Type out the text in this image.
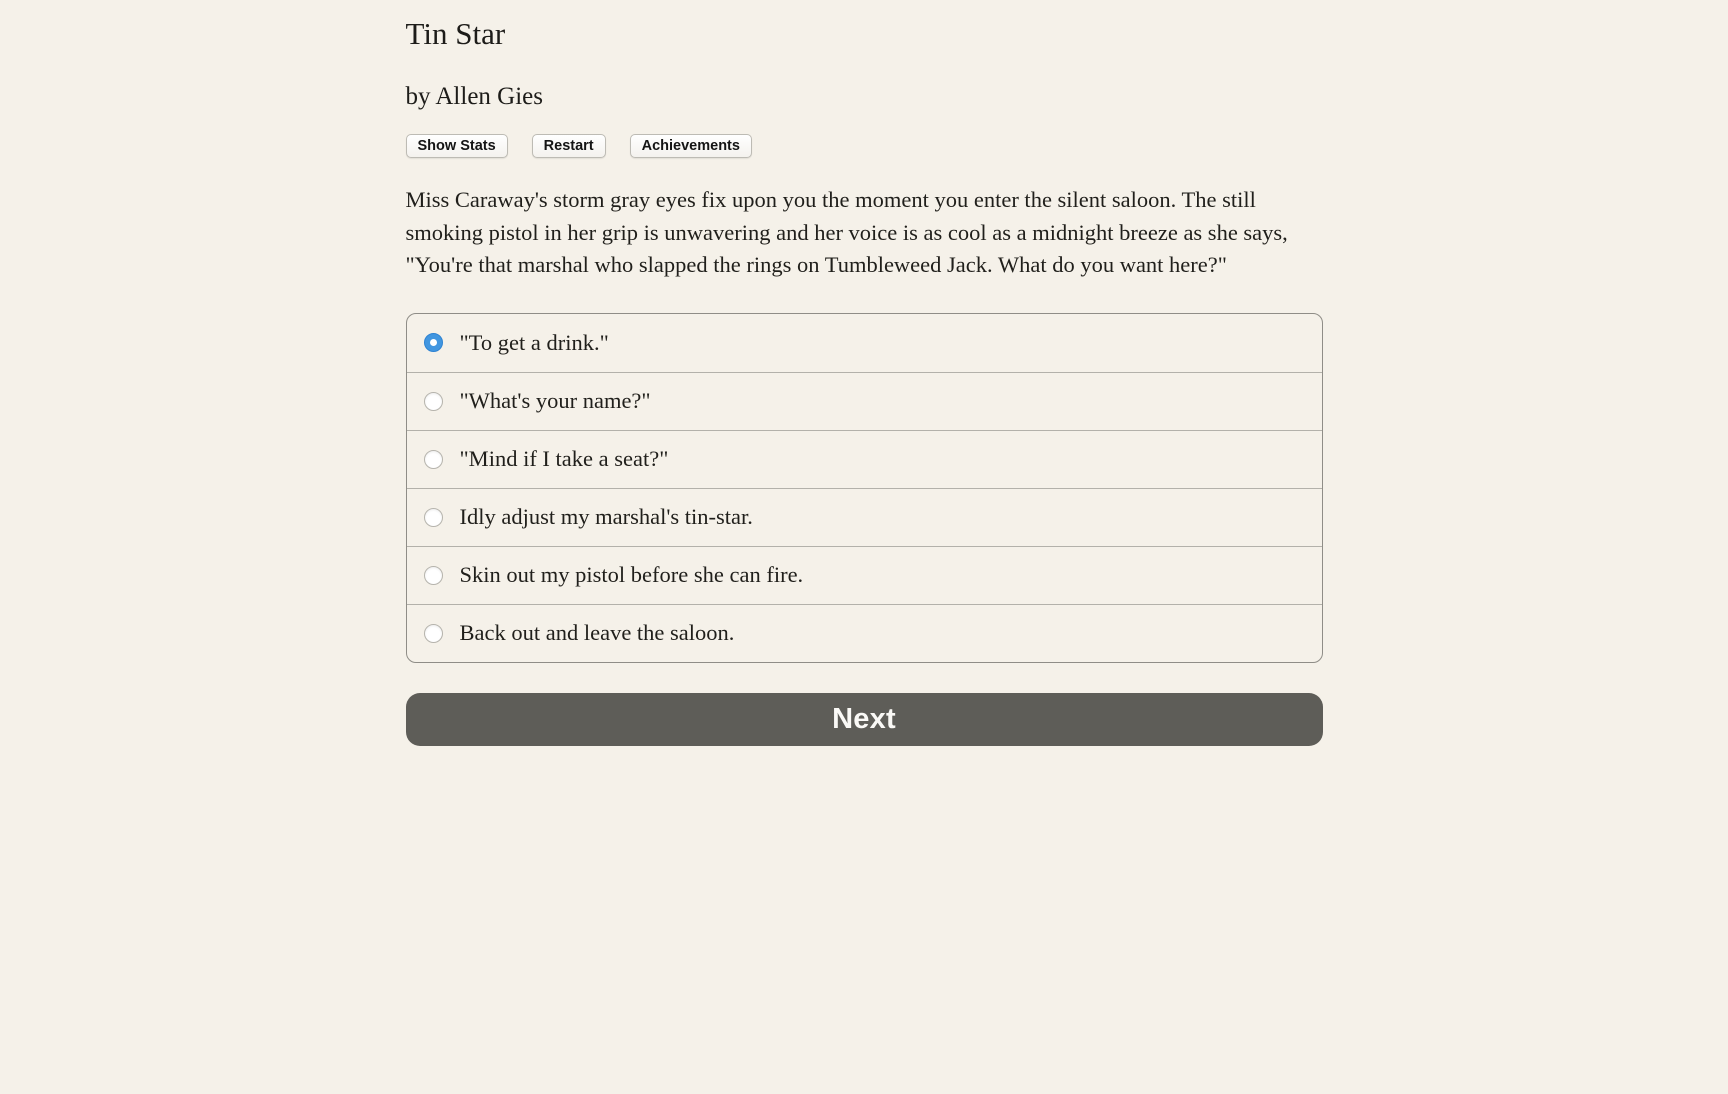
Tin Star
by Allen Gies
Show Stats	Restart	Achievements

Miss Caraway's storm gray eyes fix upon you the moment you enter the silent saloon. The still smoking pistol in her grip is unwavering and her voice is as cool as a midnight breeze as she says, "You're that marshal who slapped the rings on Tumbleweed Jack. What do you want here?"

"To get a drink."
"What's your name?"
"Mind if I take a seat?"
Idly adjust my marshal's tin-star.
Skin out my pistol before she can fire.
Back out and leave the saloon.
Next
